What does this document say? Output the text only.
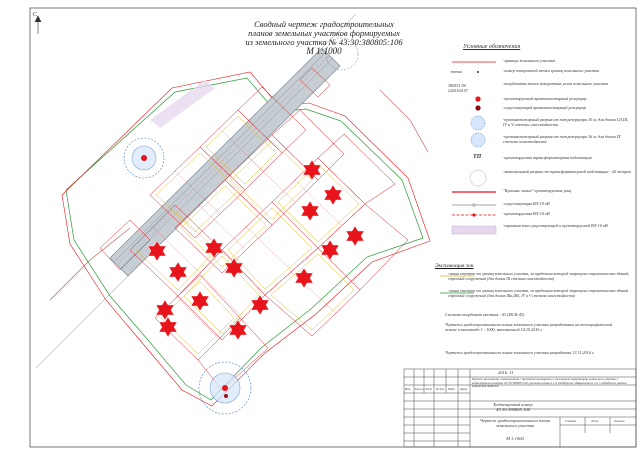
C
Сводный чертеж градостроительных
планов земельных участков формируемых
из земельного участка № 43:30:380805:106
М 1:1000	Условные обозначения
точка
380551.90
2265164.07
ТП
-граница земельного участка
-номер поворотной точки границ земельного участка
-координаты точек поворотных углов земельного участка
-проектируемый противопожарный резервуар
-существующий противопожарный резервуар
-противопожарный разрыв от пожрезервуара 10 м, для домов I,II,III, IV и V степени огнестойкости
-противопожарный разрыв от пожрезервуара 16 м, для домов IX степени огнестойкости
-проектируемая трансформаторная подстанция
-минимальный разрыв от трансформаторной подстанции - 20 метров
"Красные линии" проектируемых улиц
-существующая ВЛ-10 кВ
-проектируемая ВЛ-10 кВ
-охранная зона существующей и проектируемой ВЛ-10 кВ
Экспликация зон
-линия отступа от границ земельного участка, за пределами которой запрещено строительство зданий, строений сооружений (для домов III степени огнестойкости)
-линия отступа от границ земельного участка, за пределами которой запрещено строительство зданий строений сооружений (для домов IIIа,IIIб, IV и V степени огнестойкости)
Система координат местная - 43 (МСК-43)
Чертежи градостроительного плана земельного участка разработаны на топографической основе в масштабе 1 : 1000, выполненной 14.10.2016 г.
Чертежи градостроительного плана земельного участка разработан 13.11.2016 г.
2016. 11
Проект межевания, совмещенный с проектом планировки и межевания территории земельного участка с кадастровым номером 43:30:380805:106, расположенного в д. Подберезье Шарьинского с/п. Слободского района Кировской области
Кадастровый номер 43:30:380805:106
Чертеж градостроительного плана земельного участка
М 1:1000
Изм. Кол.уч. Лист № док. Подп. Дата
Стадия	Лист	Листов
